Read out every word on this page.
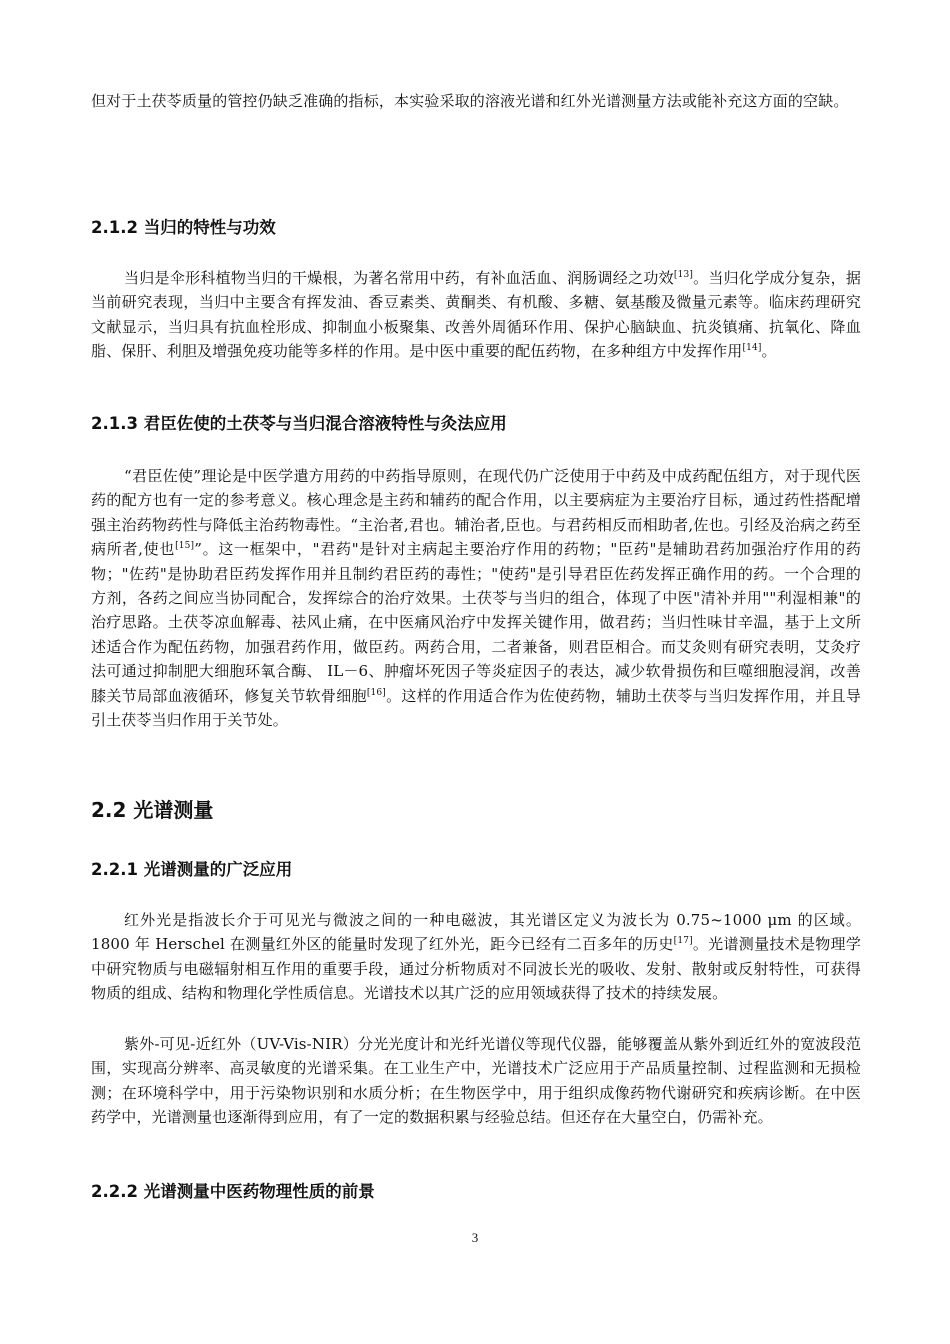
但对于土茯苓质量的管控仍缺乏准确的指标，本实验采取的溶液光谱和红外光谱测量方法或能补充这方面的空缺。

2.1.2 当归的特性与功效

当归是伞形科植物当归的干燥根，为著名常用中药，有补血活血、润肠调经之功效[13]。当归化学成分复杂，据当前研究表现，当归中主要含有挥发油、香豆素类、黄酮类、有机酸、多糖、氨基酸及微量元素等。临床药理研究文献显示，当归具有抗血栓形成、抑制血小板聚集、改善外周循环作用、保护心脑缺血、抗炎镇痛、抗氧化、降血脂、保肝、利胆及增强免疫功能等多样的作用。是中医中重要的配伍药物，在多种组方中发挥作用[14]。

2.1.3 君臣佐使的土茯苓与当归混合溶液特性与灸法应用

“君臣佐使”理论是中医学遣方用药的中药指导原则，在现代仍广泛使用于中药及中成药配伍组方，对于现代医药的配方也有一定的参考意义。核心理念是主药和辅药的配合作用，以主要病症为主要治疗目标，通过药性搭配增强主治药物药性与降低主治药物毒性。“主治者,君也。辅治者,臣也。与君药相反而相助者,佐也。引经及治病之药至病所者,使也[15]”。这一框架中，"君药"是针对主病起主要治疗作用的药物；"臣药"是辅助君药加强治疗作用的药物；"佐药"是协助君臣药发挥作用并且制约君臣药的毒性；"使药"是引导君臣佐药发挥正确作用的药。一个合理的方剂，各药之间应当协同配合，发挥综合的治疗效果。土茯苓与当归的组合，体现了中医"清补并用""利湿相兼"的治疗思路。土茯苓凉血解毒、祛风止痛，在中医痛风治疗中发挥关键作用，做君药；当归性味甘辛温，基于上文所述适合作为配伍药物，加强君药作用，做臣药。两药合用，二者兼备，则君臣相合。而艾灸则有研究表明，艾灸疗法可通过抑制肥大细胞环氧合酶、 IL－6、肿瘤坏死因子等炎症因子的表达，减少软骨损伤和巨噬细胞浸润，改善膝关节局部血液循环，修复关节软骨细胞[16]。这样的作用适合作为佐使药物，辅助土茯苓与当归发挥作用，并且导引土茯苓当归作用于关节处。

2.2 光谱测量

2.2.1 光谱测量的广泛应用

红外光是指波长介于可见光与微波之间的一种电磁波，其光谱区定义为波长为 0.75~1000 μm 的区域。1800 年 Herschel 在测量红外区的能量时发现了红外光，距今已经有二百多年的历史[17]。光谱测量技术是物理学中研究物质与电磁辐射相互作用的重要手段，通过分析物质对不同波长光的吸收、发射、散射或反射特性，可获得物质的组成、结构和物理化学性质信息。光谱技术以其广泛的应用领域获得了技术的持续发展。

紫外-可见-近红外（UV-Vis-NIR）分光光度计和光纤光谱仪等现代仪器，能够覆盖从紫外到近红外的宽波段范围，实现高分辨率、高灵敏度的光谱采集。在工业生产中，光谱技术广泛应用于产品质量控制、过程监测和无损检测；在环境科学中，用于污染物识别和水质分析；在生物医学中，用于组织成像药物代谢研究和疾病诊断。在中医药学中，光谱测量也逐渐得到应用，有了一定的数据积累与经验总结。但还存在大量空白，仍需补充。

2.2.2 光谱测量中医药物理性质的前景

3
